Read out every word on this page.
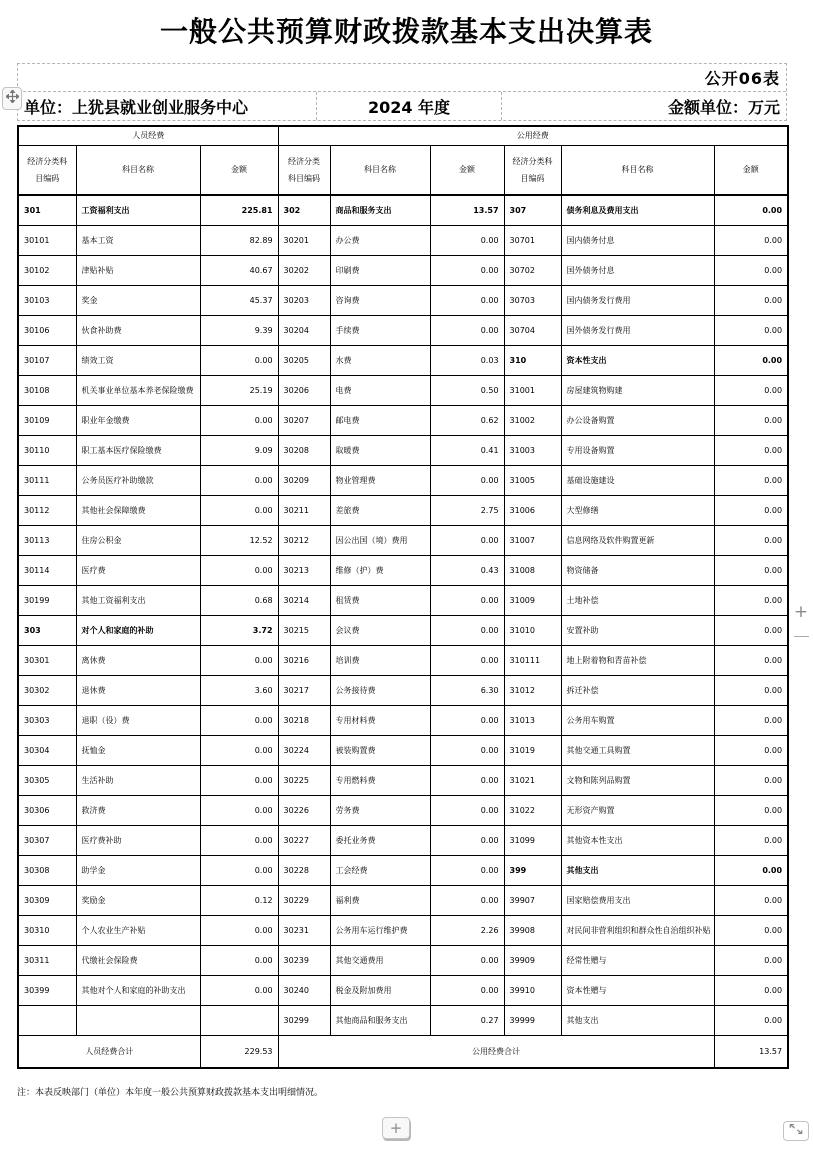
一般公共预算财政拨款基本支出决算表
公开06表
单位：上犹县就业创业服务中心	2024 年度	金额单位：万元
人员经费			公用经费					
经济分类科目编码	科目名称	金额	经济分类科目编码	科目名称	金额	经济分类科目编码	科目名称	金额
301	工资福利支出	225.81	302	商品和服务支出	13.57	307	债务利息及费用支出	0.00
30101	基本工资	82.89	30201	办公费	0.00	30701	国内债务付息	0.00
30102	津贴补贴	40.67	30202	印刷费	0.00	30702	国外债务付息	0.00
30103	奖金	45.37	30203	咨询费	0.00	30703	国内债务发行费用	0.00
30106	伙食补助费	9.39	30204	手续费	0.00	30704	国外债务发行费用	0.00
30107	绩效工资	0.00	30205	水费	0.03	310	资本性支出	0.00
30108	机关事业单位基本养老保险缴费	25.19	30206	电费	0.50	31001	房屋建筑物购建	0.00
30109	职业年金缴费	0.00	30207	邮电费	0.62	31002	办公设备购置	0.00
30110	职工基本医疗保险缴费	9.09	30208	取暖费	0.41	31003	专用设备购置	0.00
30111	公务员医疗补助缴款	0.00	30209	物业管理费	0.00	31005	基础设施建设	0.00
30112	其他社会保障缴费	0.00	30211	差旅费	2.75	31006	大型修缮	0.00
30113	住房公积金	12.52	30212	因公出国（境）费用	0.00	31007	信息网络及软件购置更新	0.00
30114	医疗费	0.00	30213	维修（护）费	0.43	31008	物资储备	0.00
30199	其他工资福利支出	0.68	30214	租赁费	0.00	31009	土地补偿	0.00
303	对个人和家庭的补助	3.72	30215	会议费	0.00	31010	安置补助	0.00
30301	离休费	0.00	30216	培训费	0.00	310111	地上附着物和青苗补偿	0.00
30302	退休费	3.60	30217	公务接待费	6.30	31012	拆迁补偿	0.00
30303	退职（役）费	0.00	30218	专用材料费	0.00	31013	公务用车购置	0.00
30304	抚恤金	0.00	30224	被装购置费	0.00	31019	其他交通工具购置	0.00
30305	生活补助	0.00	30225	专用燃料费	0.00	31021	文物和陈列品购置	0.00
30306	救济费	0.00	30226	劳务费	0.00	31022	无形资产购置	0.00
30307	医疗费补助	0.00	30227	委托业务费	0.00	31099	其他资本性支出	0.00
30308	助学金	0.00	30228	工会经费	0.00	399	其他支出	0.00
30309	奖励金	0.12	30229	福利费	0.00	39907	国家赔偿费用支出	0.00
30310	个人农业生产补贴	0.00	30231	公务用车运行维护费	2.26	39908	对民间非营利组织和群众性自治组织补贴	0.00
30311	代缴社会保险费	0.00	30239	其他交通费用	0.00	39909	经常性赠与	0.00
30399	其他对个人和家庭的补助支出	0.00	30240	税金及附加费用	0.00	39910	资本性赠与	0.00
			30299	其他商品和服务支出	0.27	39999	其他支出	0.00
人员经费合计		229.53	公用经费合计					13.57
注：本表反映部门（单位）本年度一般公共预算财政拨款基本支出明细情况。
+
+
